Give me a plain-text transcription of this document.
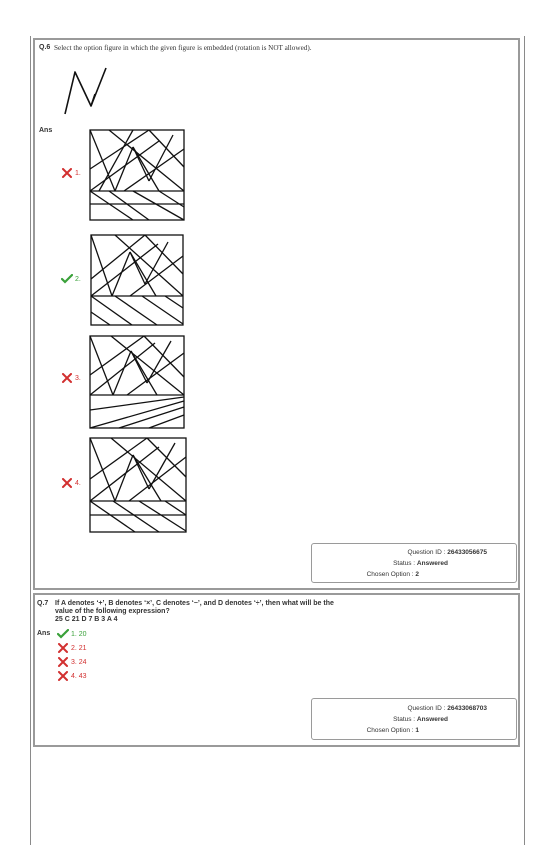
Q.6 Select the option figure in which the given figure is embedded (rotation is NOT allowed).
Ans
1.
2.
3.
4.
Question ID : 26433056675
Status : Answered
Chosen Option : 2
Q.7 If A denotes ‘+’, B denotes ‘×’, C denotes ‘−’, and D denotes ‘÷’, then what will be the
value of the following expression?
25 C 21 D 7 B 3 A 4
Ans	1. 20
2. 21
3. 24
4. 43
Question ID : 26433068703
Status : Answered
Chosen Option : 1
